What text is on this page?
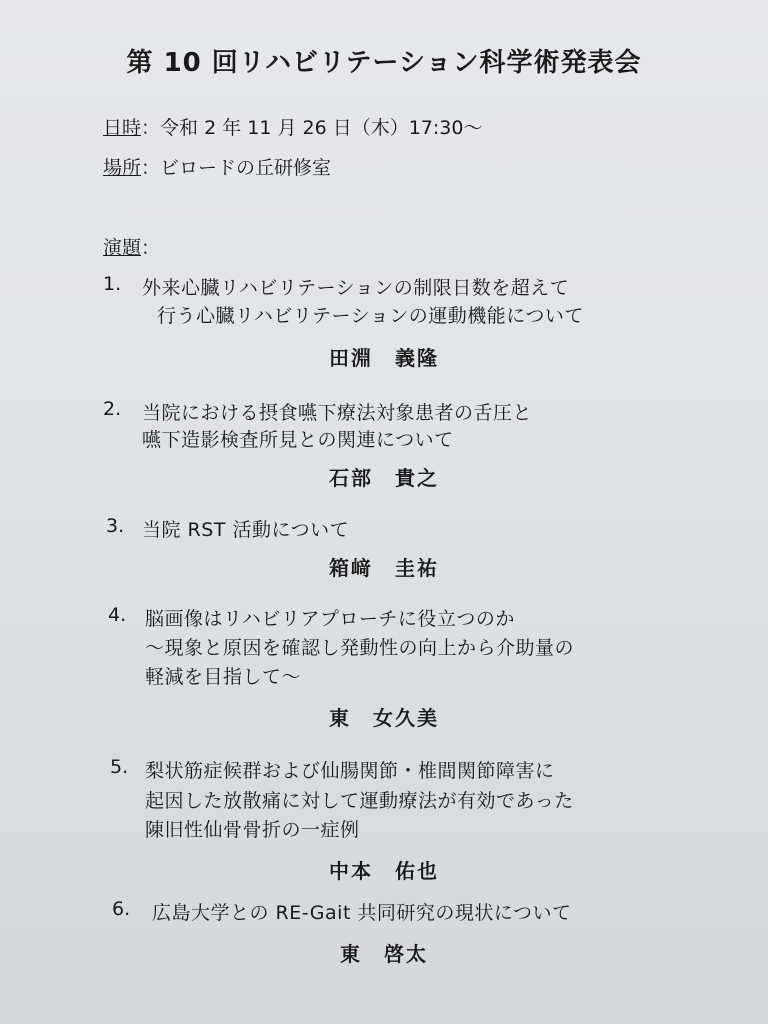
第 10 回リハビリテーション科学術発表会
日時：令和 2 年 11 月 26 日（木）17:30～
場所：ビロードの丘研修室
演題：
1. 外来心臓リハビリテーションの制限日数を超えて
行う心臓リハビリテーションの運動機能について
田淵　義隆
2. 当院における摂食嚥下療法対象患者の舌圧と
嚥下造影検査所見との関連について
石部　貴之
3. 当院 RST 活動について
箱﨑　圭祐
4. 脳画像はリハビリアプローチに役立つのか
～現象と原因を確認し発動性の向上から介助量の
軽減を目指して～
東　女久美
5. 梨状筋症候群および仙腸関節・椎間関節障害に
起因した放散痛に対して運動療法が有効であった
陳旧性仙骨骨折の一症例
中本　佑也
6. 広島大学との RE-Gait 共同研究の現状について
東　啓太
